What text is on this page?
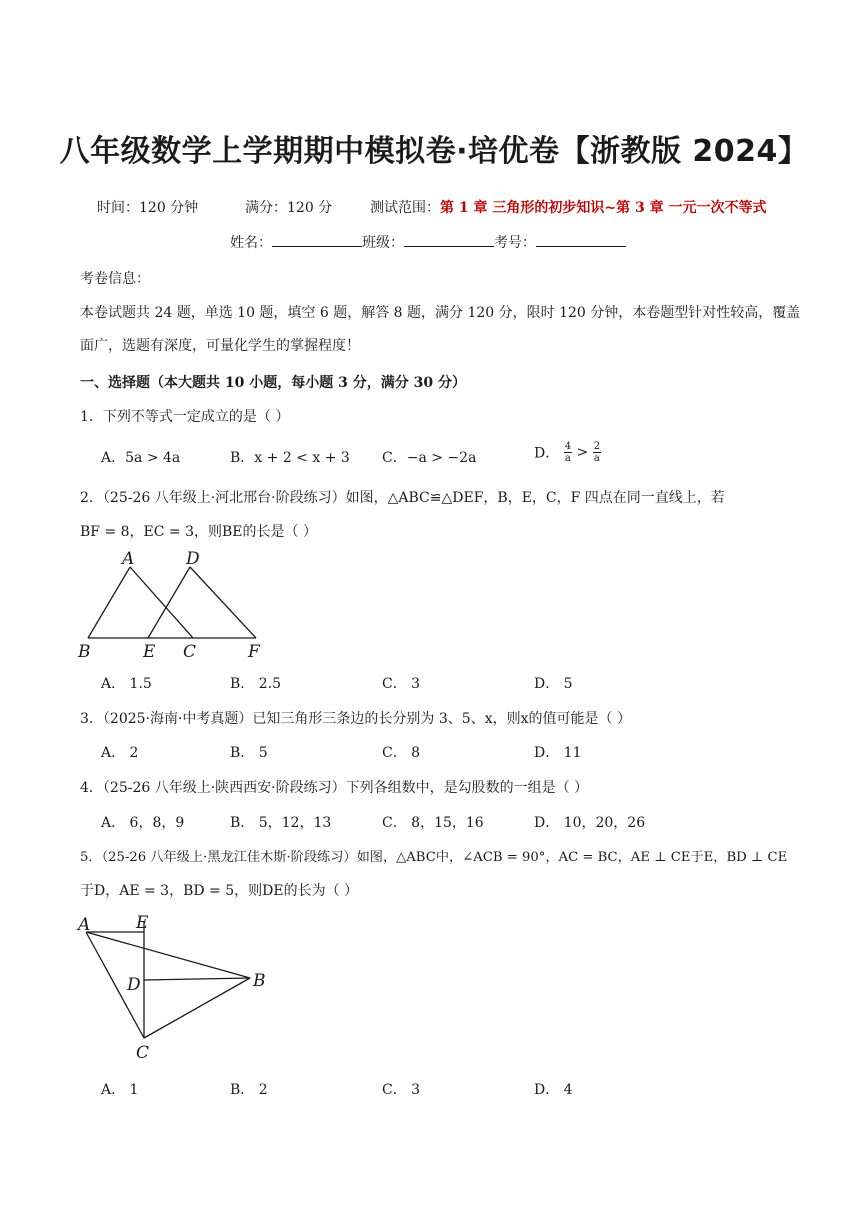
八年级数学上学期期中模拟卷·培优卷【浙教版 2024】
时间：120 分钟	满分：120 分	测试范围：第 1 章 三角形的初步知识~第 3 章 一元一次不等式
姓名：	班级：	考号：
考卷信息：
本卷试题共 24 题，单选 10 题，填空 6 题，解答 8 题，满分 120 分，限时 120 分钟，本卷题型针对性较高，覆盖
面广，选题有深度，可量化学生的掌握程度！
一、选择题（本大题共 10 小题，每小题 3 分，满分 30 分）
1．下列不等式一定成立的是（ ）
A．5a > 4a	B．x + 2 < x + 3 C．−a > −2a	D． $\frac{4}{a} > \frac{2}{a}$
2．（25-26 八年级上·河北邢台·阶段练习）如图，△ABC≌△DEF，B，E，C，F 四点在同一直线上，若
BF = 8，EC = 3，则BE的长是（ ）
A	D
B	E C	F
A． 1.5	B． 2.5	C． 3	D． 5
3．（2025·海南·中考真题）已知三角形三条边的长分别为 3、5、x，则x的值可能是（ ）
A． 2	B． 5	C． 8	D． 11
4．（25-26 八年级上·陕西西安·阶段练习）下列各组数中，是勾股数的一组是（ ）
A． 6，8，9	B． 5，12，13	C． 8，15，16	D． 10，20，26
5．（25-26 八年级上·黑龙江佳木斯·阶段练习）如图，△ABC中，∠ACB = 90°，AC = BC，AE ⊥ CE于E，BD ⊥ CE
于D，AE = 3，BD = 5，则DE的长为（ ）
A	E
D	B
C
A． 1	B． 2	C． 3	D． 4
